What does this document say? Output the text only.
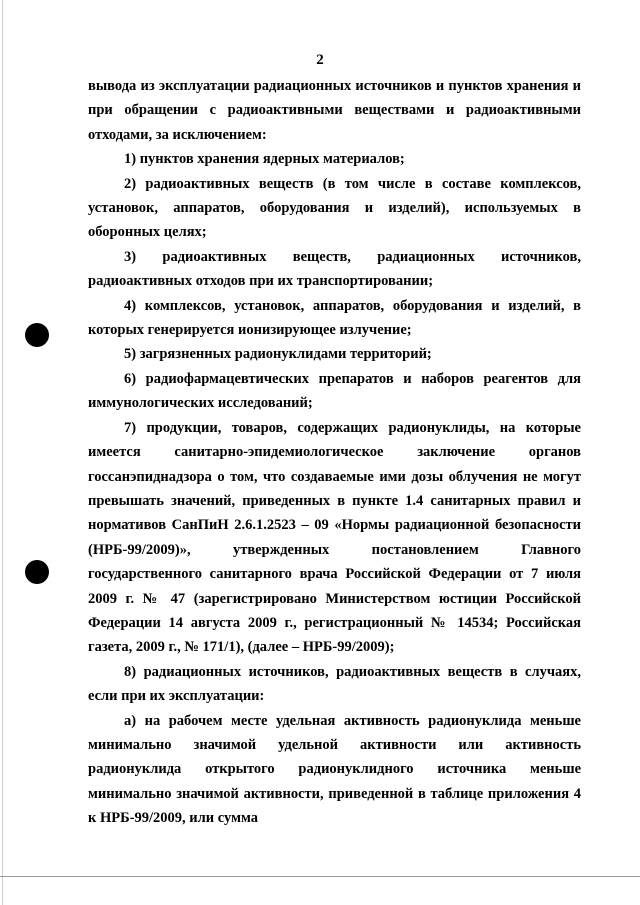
2

вывода из эксплуатации радиационных источников и пунктов хранения и при обращении с радиоактивными веществами и радиоактивными отходами, за исключением:

1) пунктов хранения ядерных материалов;

2) радиоактивных веществ (в том числе в составе комплексов, установок, аппаратов, оборудования и изделий), используемых в оборонных целях;

3) радиоактивных веществ, радиационных источников, радиоактивных отходов при их транспортировании;

4) комплексов, установок, аппаратов, оборудования и изделий, в которых генерируется ионизирующее излучение;

5) загрязненных радионуклидами территорий;

6) радиофармацевтических препаратов и наборов реагентов для иммунологических исследований;

7) продукции, товаров, содержащих радионуклиды, на которые имеется санитарно-эпидемиологическое заключение органов госсанэпиднадзора о том, что создаваемые ими дозы облучения не могут превышать значений, приведенных в пункте 1.4 санитарных правил и нормативов СанПиН 2.6.1.2523 – 09 «Нормы радиационной безопасности (НРБ-99/2009)», утвержденных постановлением Главного государственного санитарного врача Российской Федерации от 7 июля 2009 г. № 47 (зарегистрировано Министерством юстиции Российской Федерации 14 августа 2009 г., регистрационный № 14534; Российская газета, 2009 г., № 171/1), (далее – НРБ-99/2009);

8) радиационных источников, радиоактивных веществ в случаях, если при их эксплуатации:

а) на рабочем месте удельная активность радионуклида меньше минимально значимой удельной активности или активность радионуклида открытого радионуклидного источника меньше минимально значимой активности, приведенной в таблице приложения 4 к НРБ-99/2009, или сумма
